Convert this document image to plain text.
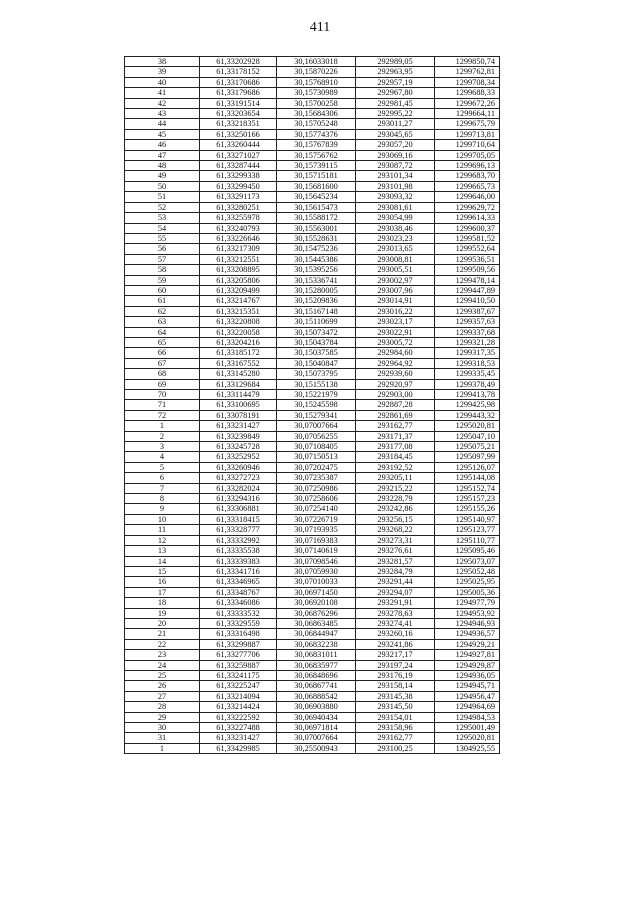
411
38	61,33202928	30,16033018	292989,05	1299850,74
39	61,33178152	30,15870226	292963,95	1299762,81
40	61,33170686	30,15768910	292957,19	1299708,34
41	61,33179686	30,15730989	292967,80	1299688,33
42	61,33191514	30,15700258	292981,45	1299672,26
43	61,33203654	30,15684306	292995,22	1299664,11
44	61,33218351	30,15705248	293011,27	1299675,79
45	61,33250166	30,15774376	293045,65	1299713,81
46	61,33260444	30,15767839	293057,20	1299710,64
47	61,33271027	30,15756762	293069,16	1299705,05
48	61,33287444	30,15739115	293087,72	1299696,13
49	61,33299338	30,15715181	293101,34	1299683,70
50	61,33299450	30,15681600	293101,98	1299665,73
51	61,33291173	30,15645234	293093,32	1299646,00
52	61,33280251	30,15615473	293081,61	1299629,72
53	61,33255978	30,15588172	293054,99	1299614,33
54	61,33240793	30,15563001	293038,46	1299600,37
55	61,33226646	30,15528631	293023,23	1299581,52
56	61,33217309	30,15475236	293013,65	1299552,64
57	61,33212551	30,15445386	293008,81	1299536,51
58	61,33208895	30,15395256	293005,51	1299509,56
59	61,33205806	30,15336741	293002,97	1299478,14
60	61,33209499	30,15280005	293007,96	1299447,89
61	61,33214767	30,15209836	293014,91	1299410,50
62	61,33215351	30,15167148	293016,22	1299387,67
63	61,33220808	30,15110699	293023,17	1299357,63
64	61,33220058	30,15073472	293022,91	1299337,68
65	61,33204216	30,15043784	293005,72	1299321,28
66	61,33185172	30,15037585	292984,60	1299317,35
67	61,33167552	30,15040847	292964,92	1299318,53
68	61,33145280	30,15073795	292939,60	1299335,45
69	61,33129684	30,15155138	292920,97	1299378,49
70	61,33114479	30,15221979	292903,00	1299413,78
71	61,33100695	30,15245598	292887,28	1299425,98
72	61,33078191	30,15279341	292861,69	1299443,32
1	61,33231427	30,07007664	293162,77	1295020,81
2	61,33239849	30,07056255	293171,37	1295047,10
3	61,33245728	30,07108405	293177,08	1295075,21
4	61,33252952	30,07150513	293184,45	1295097,99
5	61,33260946	30,07202475	293192,52	1295126,07
6	61,33272723	30,07235387	293205,11	1295144,08
7	61,33282024	30,07250986	293215,22	1295152,74
8	61,33294316	30,07258606	293228,79	1295157,23
9	61,33306881	30,07254140	293242,86	1295155,26
10	61,33318415	30,07226719	293256,15	1295140,97
11	61,33328777	30,07193935	293268,22	1295123,77
12	61,33332992	30,07169383	293273,31	1295110,77
13	61,33335538	30,07140619	293276,61	1295095,46
14	61,33339383	30,07098546	293281,57	1295073,07
15	61,33341716	30,07059930	293284,79	1295052,48
16	61,33346965	30,07010033	293291,44	1295025,95
17	61,33348767	30,06971450	293294,07	1295005,36
18	61,33346086	30,06920108	293291,91	1294977,79
19	61,33333532	30,06876296	293278,63	1294953,92
20	61,33329559	30,06863485	293274,41	1294946,93
21	61,33316498	30,06844947	293260,16	1294936,57
22	61,33299887	30,06832238	293241,86	1294929,21
23	61,33277706	30,06831011	293217,17	1294927,81
24	61,33259887	30,06835977	293197,24	1294929,87
25	61,33241175	30,06848696	293176,19	1294936,05
26	61,33225247	30,06867741	293158,14	1294945,71
27	61,33214094	30,06888542	293145,38	1294956,47
28	61,33214424	30,06903880	293145,50	1294964,69
29	61,33222592	30,06940434	293154,01	1294984,53
30	61,33227488	30,06971814	293158,96	1295001,49
31	61,33231427	30,07007664	293162,77	1295020,81
1	61,33429985	30,25500943	293100,25	1304925,55
